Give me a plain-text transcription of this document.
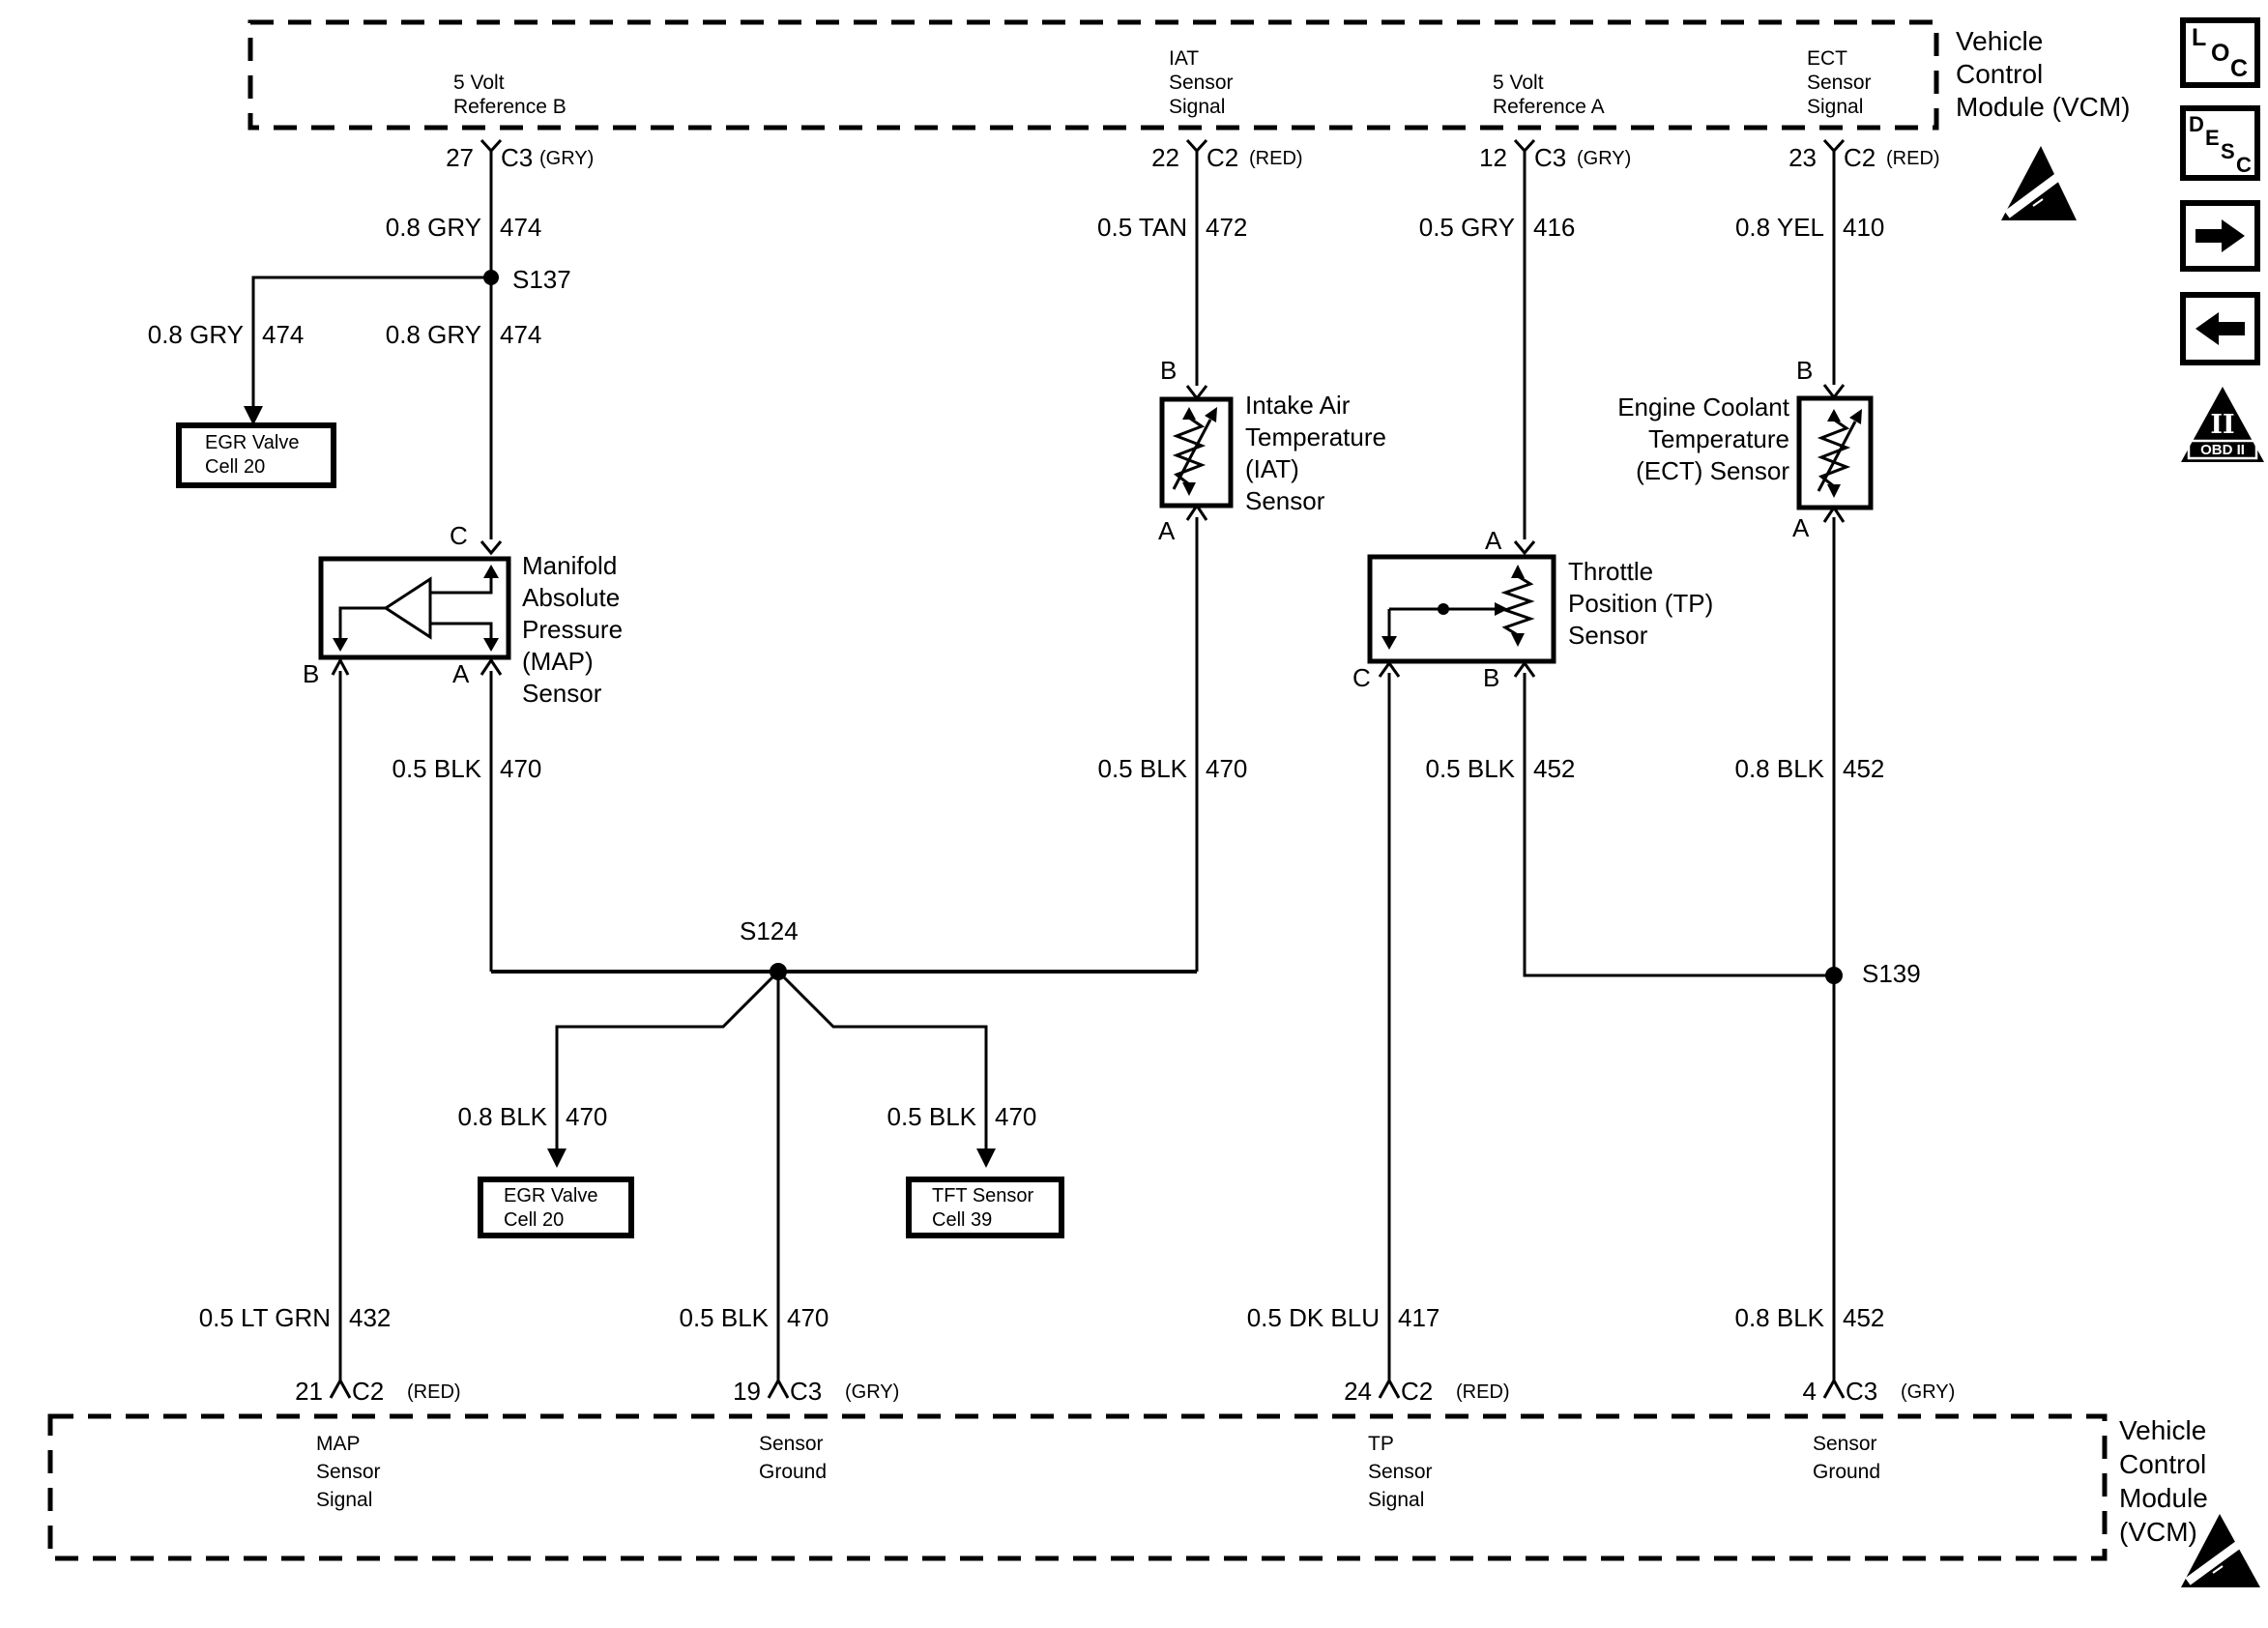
5 Volt
Reference B
IAT
Sensor
Signal
5 Volt
Reference A
ECT
Sensor
Signal
Vehicle
Control
Module (VCM)
27 C3 (GRY)	22 C2 (RED)	12 C3 (GRY)	23 C2 (RED)
0.8 GRY 474	0.5 TAN 472	0.5 GRY 416	0.8 YEL 410
S137
0.8 GRY 474	0.8 GRY 474
EGR Valve
Cell 20
C
B	A
Manifold
Absolute
Pressure
(MAP)
Sensor
B
A
Intake Air
Temperature
(IAT)
Sensor
B
A
Engine Coolant
Temperature
(ECT) Sensor
A
C	B
Throttle
Position (TP)
Sensor
0.5 BLK 470	0.5 BLK 470	0.5 BLK 452	0.8 BLK 452
S124
S139
0.8 BLK 470	0.5 BLK 470
EGR Valve
Cell 20
TFT Sensor
Cell 39
0.5 LT GRN 432	0.5 BLK 470	0.5 DK BLU 417	0.8 BLK 452
21 C2 (RED)	19 C3 (GRY)	24 C2 (RED)	4 C3 (GRY)
MAP
Sensor
Signal
Sensor
Ground
TP
Sensor
Signal
Sensor
Ground
Vehicle
Control
Module
(VCM)
L
O
C
D
E
S
C
II
OBD II
